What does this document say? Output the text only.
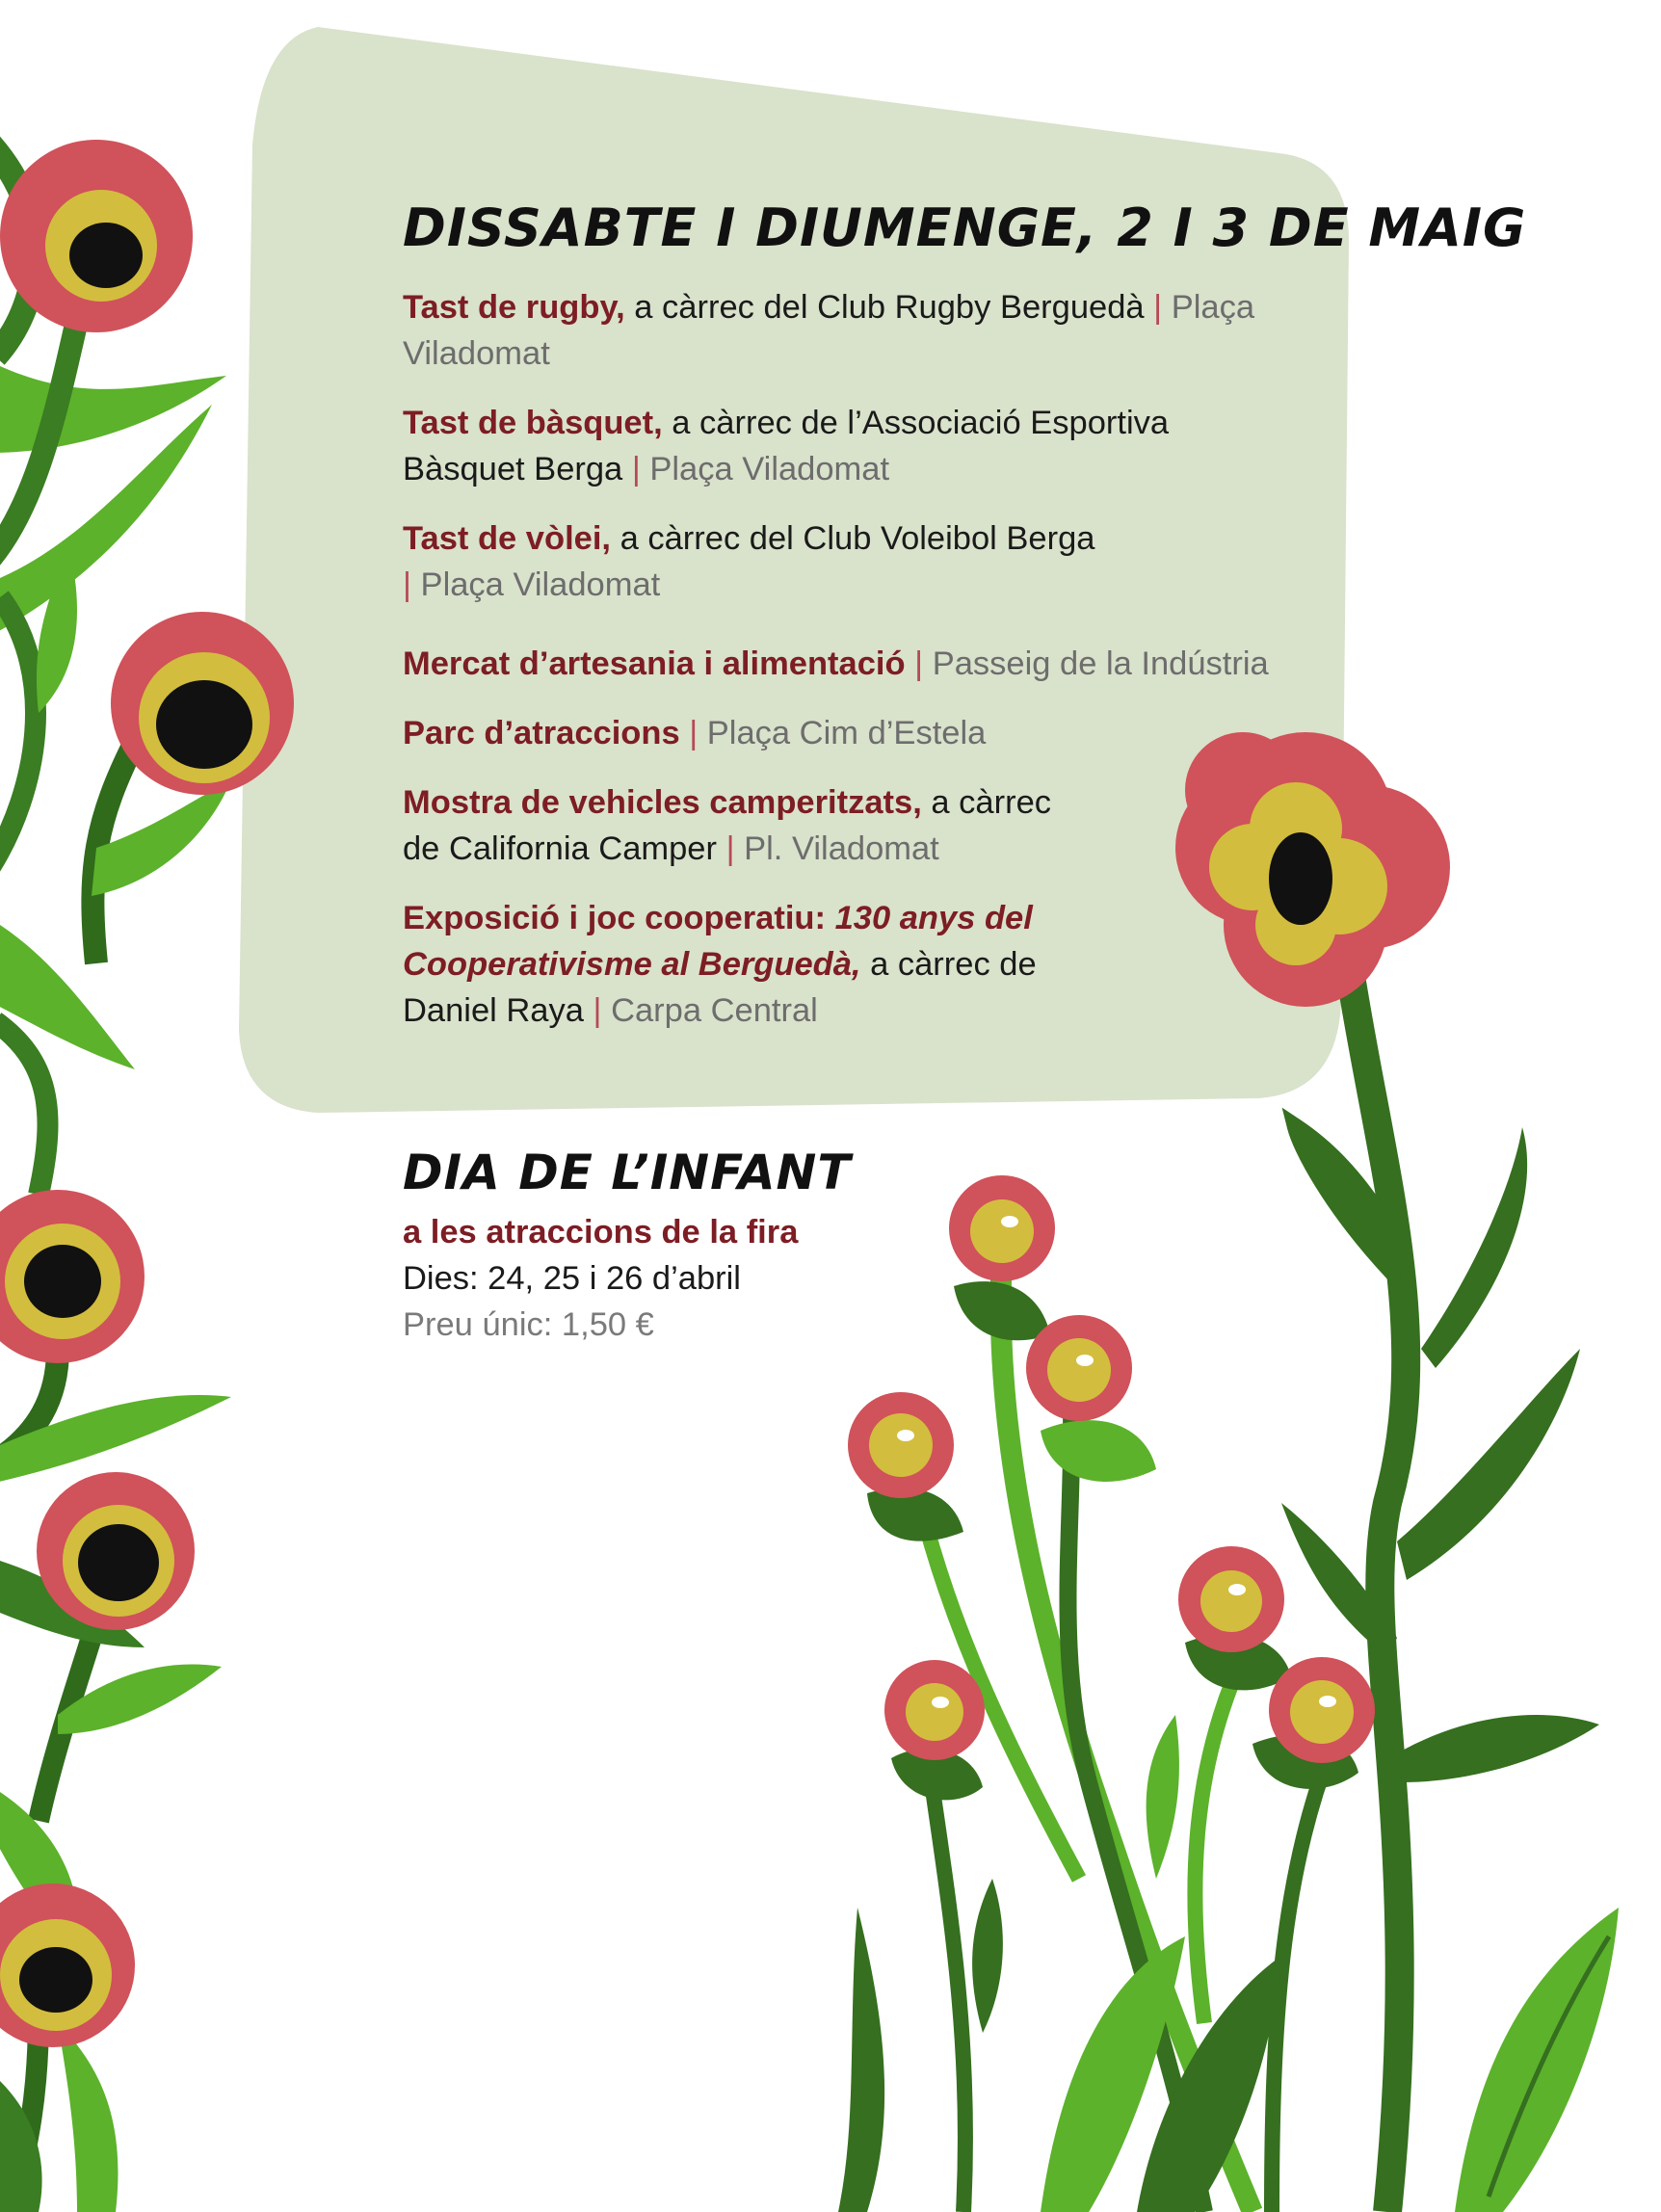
DISSABTE I DIUMENGE, 2 I 3 DE MAIG

Tast de rugby, a càrrec del Club Rugby Berguedà | Plaça Viladomat

Tast de bàsquet, a càrrec de l’Associació Esportiva Bàsquet Berga | Plaça Viladomat

Tast de vòlei, a càrrec del Club Voleibol Berga | Plaça Viladomat

Mercat d’artesania i alimentació | Passeig de la Indústria

Parc d’atraccions | Plaça Cim d’Estela

Mostra de vehicles camperitzats, a càrrec de California Camper | Pl. Viladomat

Exposició i joc cooperatiu: 130 anys del Cooperativisme al Berguedà, a càrrec de Daniel Raya | Carpa Central

DIA DE L’INFANT
a les atraccions de la fira
Dies: 24, 25 i 26 d’abril
Preu únic: 1,50 €
